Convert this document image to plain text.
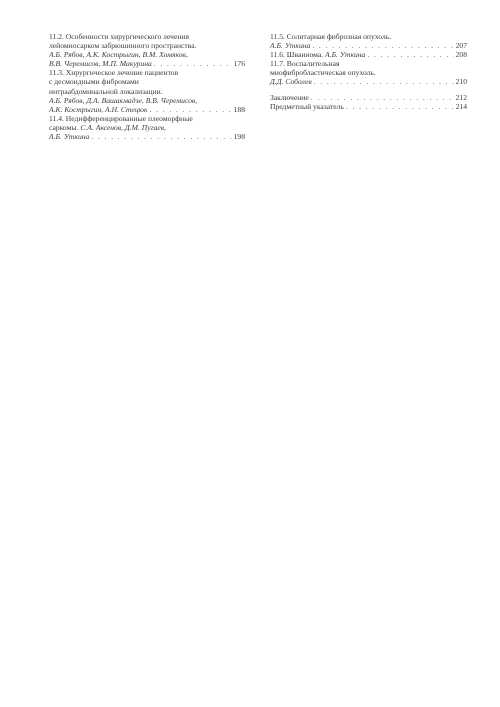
11.2. Особенности хирургического лечения
лейомиосарком забрюшинного пространства.
А.Б. Рябов, А.К. Кострыгин, В.М. Хомяков,
В.В. Черемисов, М.П. Макурина . . .	176
11.3. Хирургическое лечение пациентов
с десмоидными фибромами
интраабдоминальной локализации.
А.Б. Рябов, Д.А. Вашакмадзе, В.В. Черемисов,
А.К. Кострыгин, А.Н. Стецюк . . .	188
11.4. Недифференцированные плеоморфные
саркомы. С.А. Аксенов, Д.М. Пугаев,
А.Б. Уткина . . .	198
11.5. Солитарная фиброзная опухоль.
А.Б. Уткина . . .	207
11.6. Шваннома. А.Б. Уткина . . .	208
11.7. Воспалительная
миофибробластическая опухоль.
Д.Д. Соболев . . .	210
Заключение . . .	212
Предметный указатель . . .	214
